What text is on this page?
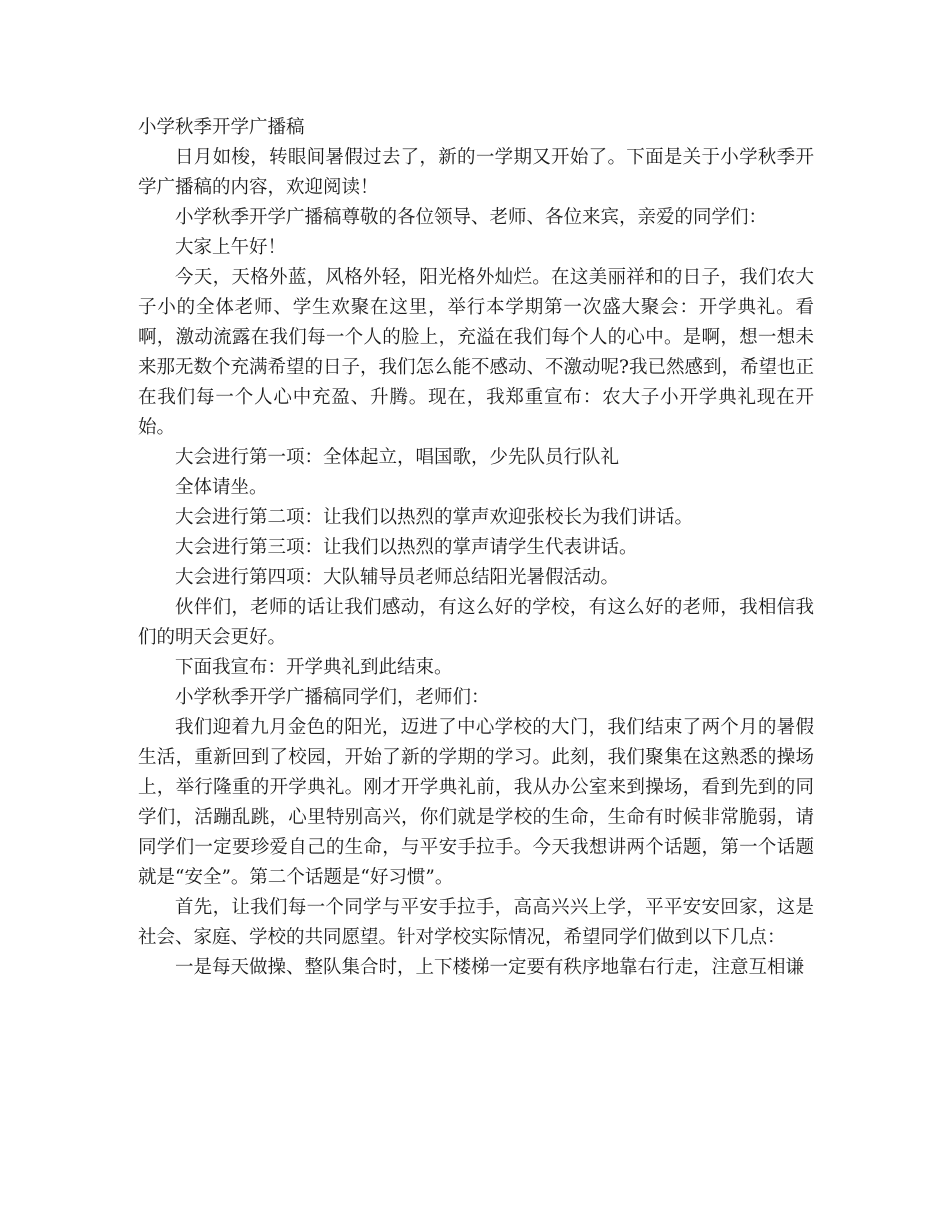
小学秋季开学广播稿

日月如梭，转眼间暑假过去了，新的一学期又开始了。下面是关于小学秋季开学广播稿的内容，欢迎阅读！

小学秋季开学广播稿尊敬的各位领导、老师、各位来宾，亲爱的同学们：

大家上午好！

今天，天格外蓝，风格外轻，阳光格外灿烂。在这美丽祥和的日子，我们农大子小的全体老师、学生欢聚在这里，举行本学期第一次盛大聚会：开学典礼。看啊，激动流露在我们每一个人的脸上，充溢在我们每个人的心中。是啊，想一想未来那无数个充满希望的日子，我们怎么能不感动、不激动呢?我已然感到，希望也正在我们每一个人心中充盈、升腾。现在，我郑重宣布：农大子小开学典礼现在开始。

大会进行第一项：全体起立，唱国歌，少先队员行队礼

全体请坐。

大会进行第二项：让我们以热烈的掌声欢迎张校长为我们讲话。

大会进行第三项：让我们以热烈的掌声请学生代表讲话。

大会进行第四项：大队辅导员老师总结阳光暑假活动。

伙伴们，老师的话让我们感动，有这么好的学校，有这么好的老师，我相信我们的明天会更好。

下面我宣布：开学典礼到此结束。

小学秋季开学广播稿同学们，老师们：

我们迎着九月金色的阳光，迈进了中心学校的大门，我们结束了两个月的暑假生活，重新回到了校园，开始了新的学期的学习。此刻，我们聚集在这熟悉的操场上，举行隆重的开学典礼。刚才开学典礼前，我从办公室来到操场，看到先到的同学们，活蹦乱跳，心里特别高兴，你们就是学校的生命，生命有时候非常脆弱，请同学们一定要珍爱自己的生命，与平安手拉手。今天我想讲两个话题，第一个话题就是“安全”。第二个话题是“好习惯”。

首先，让我们每一个同学与平安手拉手，高高兴兴上学，平平安安回家，这是社会、家庭、学校的共同愿望。针对学校实际情况，希望同学们做到以下几点：

一是每天做操、整队集合时，上下楼梯一定要有秩序地靠右行走，注意互相谦
